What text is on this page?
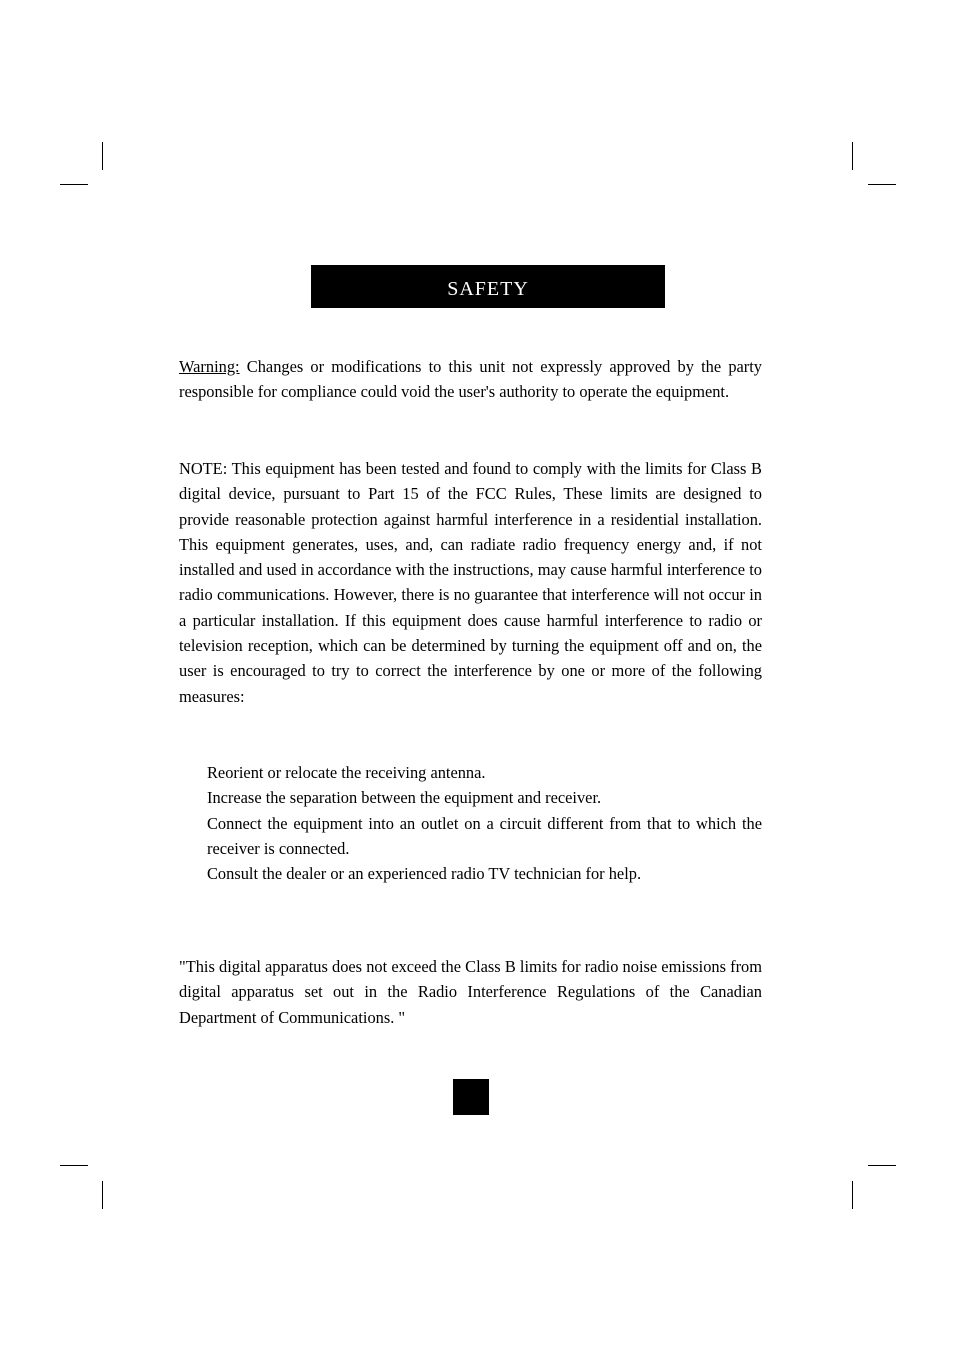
safety

Warning: Changes or modifications to this unit not expressly approved by the party responsible for compliance could void the user's authority to operate the equipment.

NOTE: This equipment has been tested and found to comply with the limits for Class B digital device, pursuant to Part 15 of the FCC Rules, These limits are designed to provide reasonable protection against harmful interference in a residential installation. This equipment generates, uses, and, can radiate radio frequency energy and, if not installed and used in accordance with the instructions, may cause harmful interference to radio communications. However, there is no guarantee that interference will not occur in a particular installation. If this equipment does cause harmful interference to radio or television reception, which can be determined by turning the equipment off and on, the user is encouraged to try to correct the interference by one or more of the following measures:

Reorient or relocate the receiving antenna.
Increase the separation between the equipment and receiver.
Connect the equipment into an outlet on a circuit different from that to which the receiver is connected.
Consult the dealer or an experienced radio TV technician for help.

"This digital apparatus does not exceed the Class B limits for radio noise emissions from digital apparatus set out in the Radio Interference Regulations of the Canadian Department of Communications. "
